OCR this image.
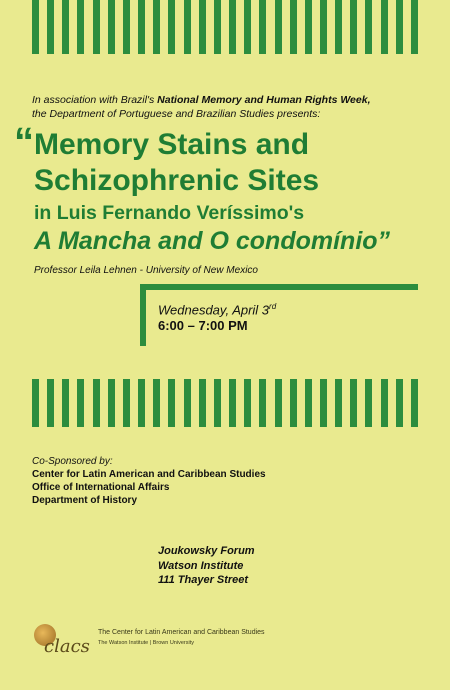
In association with Brazil's National Memory and Human Rights Week,
the Department of Portuguese and Brazilian Studies presents:
“ Memory Stains and
Schizophrenic Sites
in Luis Fernando Veríssimo's
A Mancha and O condomínio”
Professor Leila Lehnen - University of New Mexico
Wednesday, April 3rd
6:00 – 7:00 PM
Co-Sponsored by:
Center for Latin American and Caribbean Studies
Office of International Affairs
Department of History
Joukowsky Forum
Watson Institute
111 Thayer Street
clacs
The Center for Latin American and Caribbean Studies
The Watson Institute | Brown University
